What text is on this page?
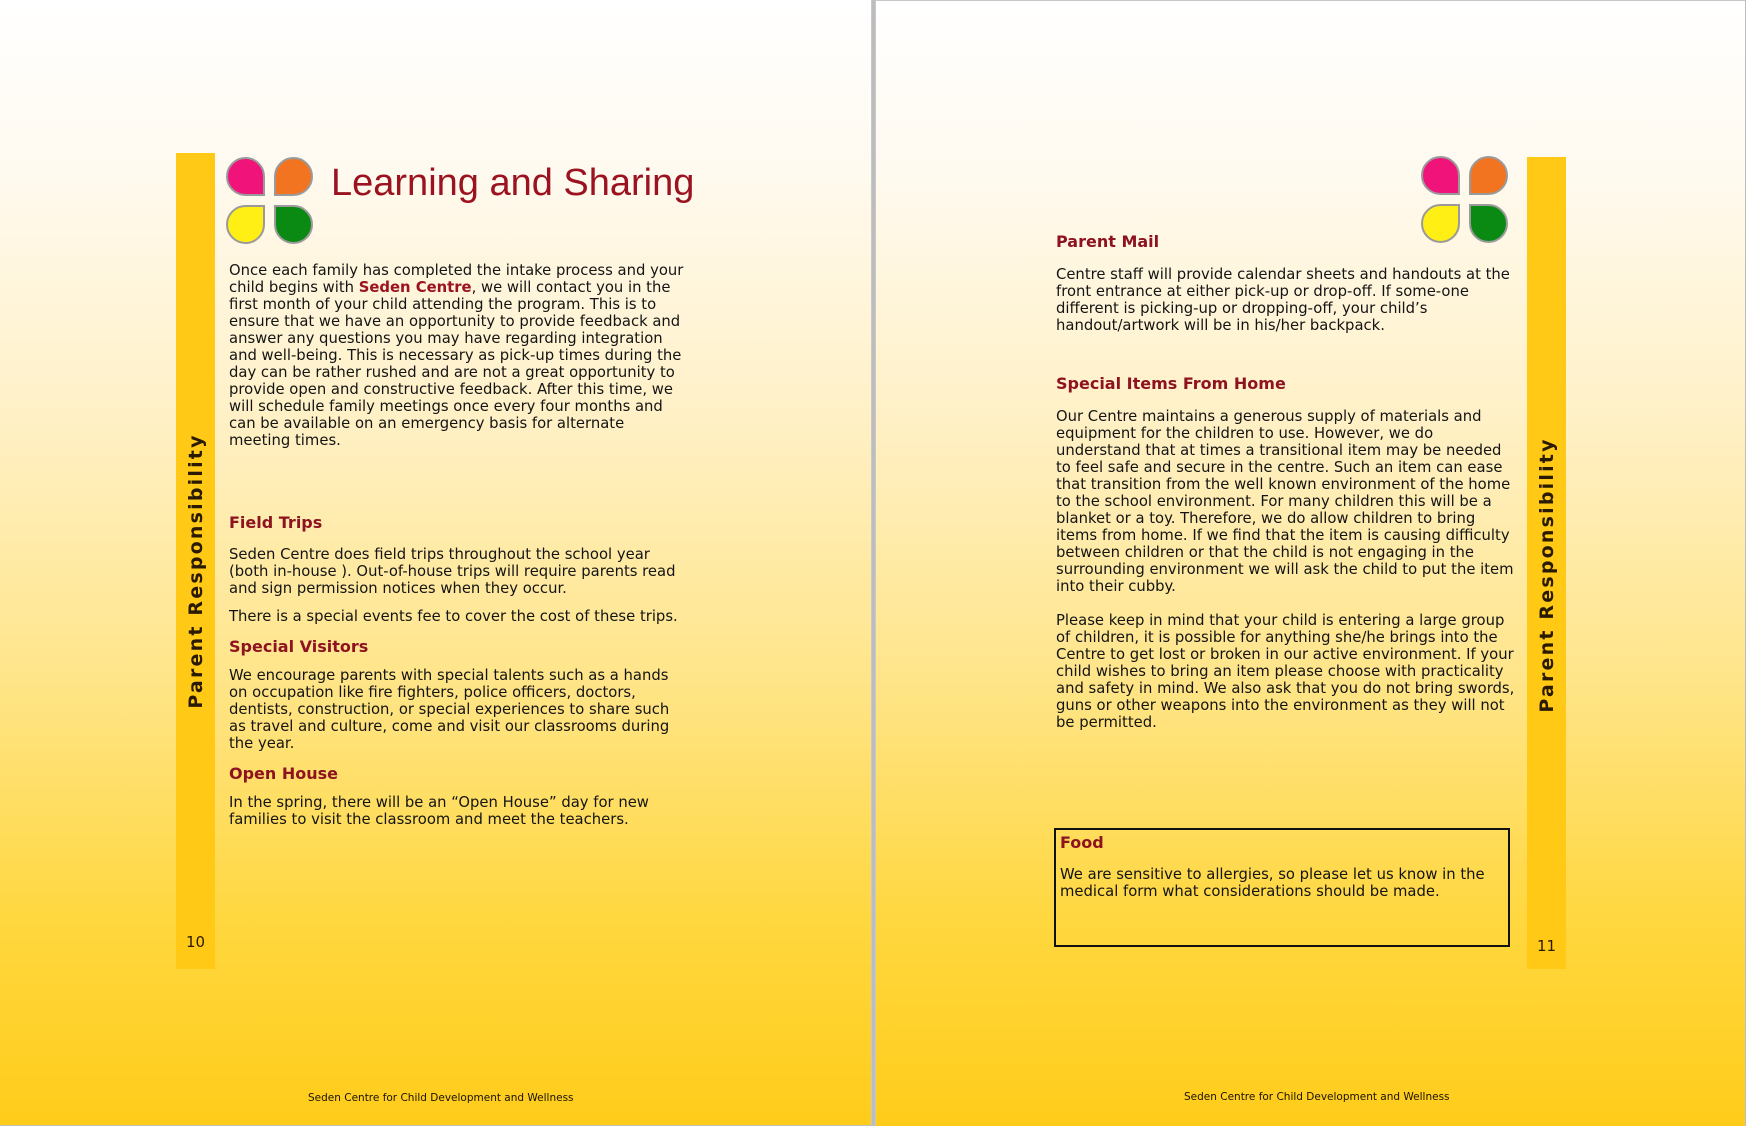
Parent Responsibility
10
Learning and Sharing

Once each family has completed the intake process and your child begins with Seden Centre, we will contact you in the first month of your child attending the program. This is to ensure that we have an opportunity to provide feedback and answer any questions you may have regarding integration and well-being. This is necessary as pick-up times during the day can be rather rushed and are not a great opportunity to provide open and constructive feedback. After this time, we will schedule family meetings once every four months and can be available on an emergency basis for alternate meeting times.

Field Trips

Seden Centre does field trips throughout the school year (both in-house ). Out-of-house trips will require parents read and sign permission notices when they occur.

There is a special events fee to cover the cost of these trips.

Special Visitors

We encourage parents with special talents such as a hands on occupation like fire fighters, police officers, doctors, dentists, construction, or special experiences to share such as travel and culture, come and visit our classrooms during the year.

Open House

In the spring, there will be an “Open House” day for new families to visit the classroom and meet the teachers.

Seden Centre for Child Development and Wellness
Parent Responsibility
11
Parent Mail

Centre staff will provide calendar sheets and handouts at the front entrance at either pick-up or drop-off. If some-one different is picking-up or dropping-off, your child’s handout/artwork will be in his/her backpack.

Special Items From Home

Our Centre maintains a generous supply of materials and equipment for the children to use. However, we do understand that at times a transitional item may be needed to feel safe and secure in the centre. Such an item can ease that transition from the well known environment of the home to the school environment. For many children this will be a blanket or a toy. Therefore, we do allow children to bring items from home. If we find that the item is causing difficulty between children or that the child is not engaging in the surrounding environment we will ask the child to put the item into their cubby.

Please keep in mind that your child is entering a large group of children, it is possible for anything she/he brings into the Centre to get lost or broken in our active environment. If your child wishes to bring an item please choose with practicality and safety in mind. We also ask that you do not bring swords, guns or other weapons into the environment as they will not be permitted.

Food

We are sensitive to allergies, so please let us know in the medical form what considerations should be made.

Seden Centre for Child Development and Wellness
